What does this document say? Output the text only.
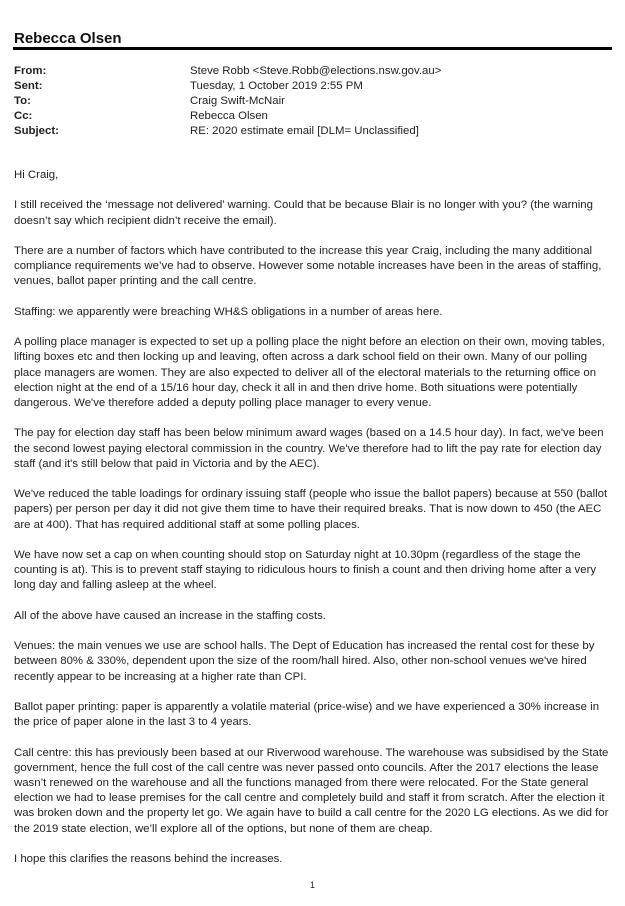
Rebecca Olsen
From:	Steve Robb <Steve.Robb@elections.nsw.gov.au>
Sent:	Tuesday, 1 October 2019 2:55 PM
To:	Craig Swift-McNair
Cc:	Rebecca Olsen
Subject:	RE: 2020 estimate email [DLM= Unclassified]

Hi Craig,

I still received the ‘message not delivered’ warning. Could that be because Blair is no longer with you? (the warning doesn’t say which recipient didn’t receive the email).

There are a number of factors which have contributed to the increase this year Craig, including the many additional compliance requirements we’ve had to observe. However some notable increases have been in the areas of staffing, venues, ballot paper printing and the call centre.

Staffing: we apparently were breaching WH&S obligations in a number of areas here.

A polling place manager is expected to set up a polling place the night before an election on their own, moving tables, lifting boxes etc and then locking up and leaving, often across a dark school field on their own. Many of our polling place managers are women. They are also expected to deliver all of the electoral materials to the returning office on election night at the end of a 15/16 hour day, check it all in and then drive home. Both situations were potentially dangerous. We've therefore added a deputy polling place manager to every venue.

The pay for election day staff has been below minimum award wages (based on a 14.5 hour day). In fact, we've been the second lowest paying electoral commission in the country. We've therefore had to lift the pay rate for election day staff (and it's still below that paid in Victoria and by the AEC).

We've reduced the table loadings for ordinary issuing staff (people who issue the ballot papers) because at 550 (ballot papers) per person per day it did not give them time to have their required breaks. That is now down to 450 (the AEC are at 400). That has required additional staff at some polling places.

We have now set a cap on when counting should stop on Saturday night at 10.30pm (regardless of the stage the counting is at). This is to prevent staff staying to ridiculous hours to finish a count and then driving home after a very long day and falling asleep at the wheel.

All of the above have caused an increase in the staffing costs.

Venues: the main venues we use are school halls. The Dept of Education has increased the rental cost for these by between 80% & 330%, dependent upon the size of the room/hall hired. Also, other non-school venues we've hired recently appear to be increasing at a higher rate than CPI.

Ballot paper printing: paper is apparently a volatile material (price-wise) and we have experienced a 30% increase in the price of paper alone in the last 3 to 4 years.

Call centre: this has previously been based at our Riverwood warehouse. The warehouse was subsidised by the State government, hence the full cost of the call centre was never passed onto councils. After the 2017 elections the lease wasn’t renewed on the warehouse and all the functions managed from there were relocated. For the State general election we had to lease premises for the call centre and completely build and staff it from scratch. After the election it was broken down and the property let go. We again have to build a call centre for the 2020 LG elections. As we did for the 2019 state election, we’ll explore all of the options, but none of them are cheap.

I hope this clarifies the reasons behind the increases.

1
